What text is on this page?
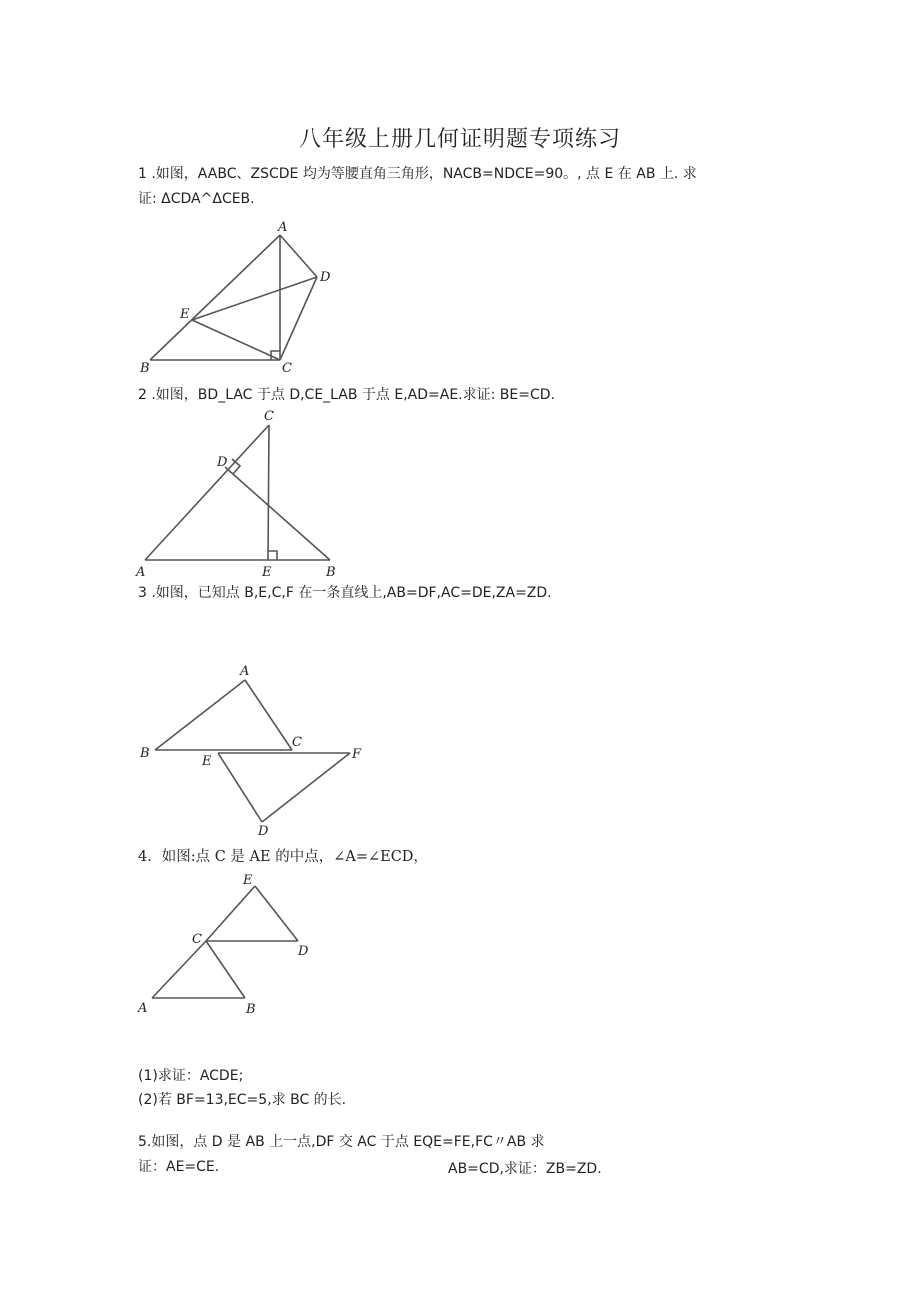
八年级上册几何证明题专项练习
1 .如图，AABC、ZSCDE 均为等腰直角三角形，NACB=NDCE=90。, 点 E 在 AB 上. 求
证: ΔCDA^ΔCEB.
A
D
E
B	C
2 .如图，BD_LAC 于点 D,CE_LAB 于点 E,AD=AE.求证: BE=CD.
C
D
A	E	B
3 .如图，已知点 B,E,C,F 在一条直线上,AB=DF,AC=DE,ZA=ZD.
A
B
C
E	F
D
4．如图:点 C 是 AE 的中点，∠A=∠ECD，
E
C
D
A	B
(1)求证：ACDE;
(2)若 BF=13,EC=5,求 BC 的长.
5.如图，点 D 是 AB 上一点,DF 交 AC 于点 EQE=FE,FC〃AB 求
证：AE=CE.	AB=CD,求证：ZB=ZD.
